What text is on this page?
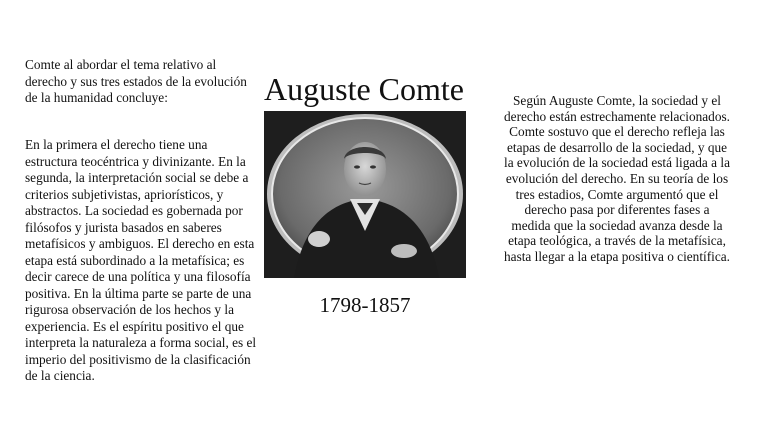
Comte al abordar el tema relativo al derecho y sus tres estados de la evolución de la humanidad concluye:

En la primera el derecho tiene una estructura teocéntrica y divinizante. En la segunda, la interpretación social se debe a criterios subjetivistas, apriorísticos, y abstractos. La sociedad es gobernada por filósofos y jurista basados en saberes metafísicos y ambiguos. El derecho en esta etapa está subordinado a la metafísica; es decir carece de una política y una filosofía positiva. En la última parte se parte de una rigurosa observación de los hechos y la experiencia. Es el espíritu positivo el que interpreta la naturaleza a forma social, es el imperio del positivismo de la clasificación de la ciencia.

Auguste Comte

1798-1857

Según Auguste Comte, la sociedad y el derecho están estrechamente relacionados. Comte sostuvo que el derecho refleja las etapas de desarrollo de la sociedad, y que la evolución de la sociedad está ligada a la evolución del derecho. En su teoría de los tres estadios, Comte argumentó que el derecho pasa por diferentes fases a medida que la sociedad avanza desde la etapa teológica, a través de la metafísica, hasta llegar a la etapa positiva o científica.
